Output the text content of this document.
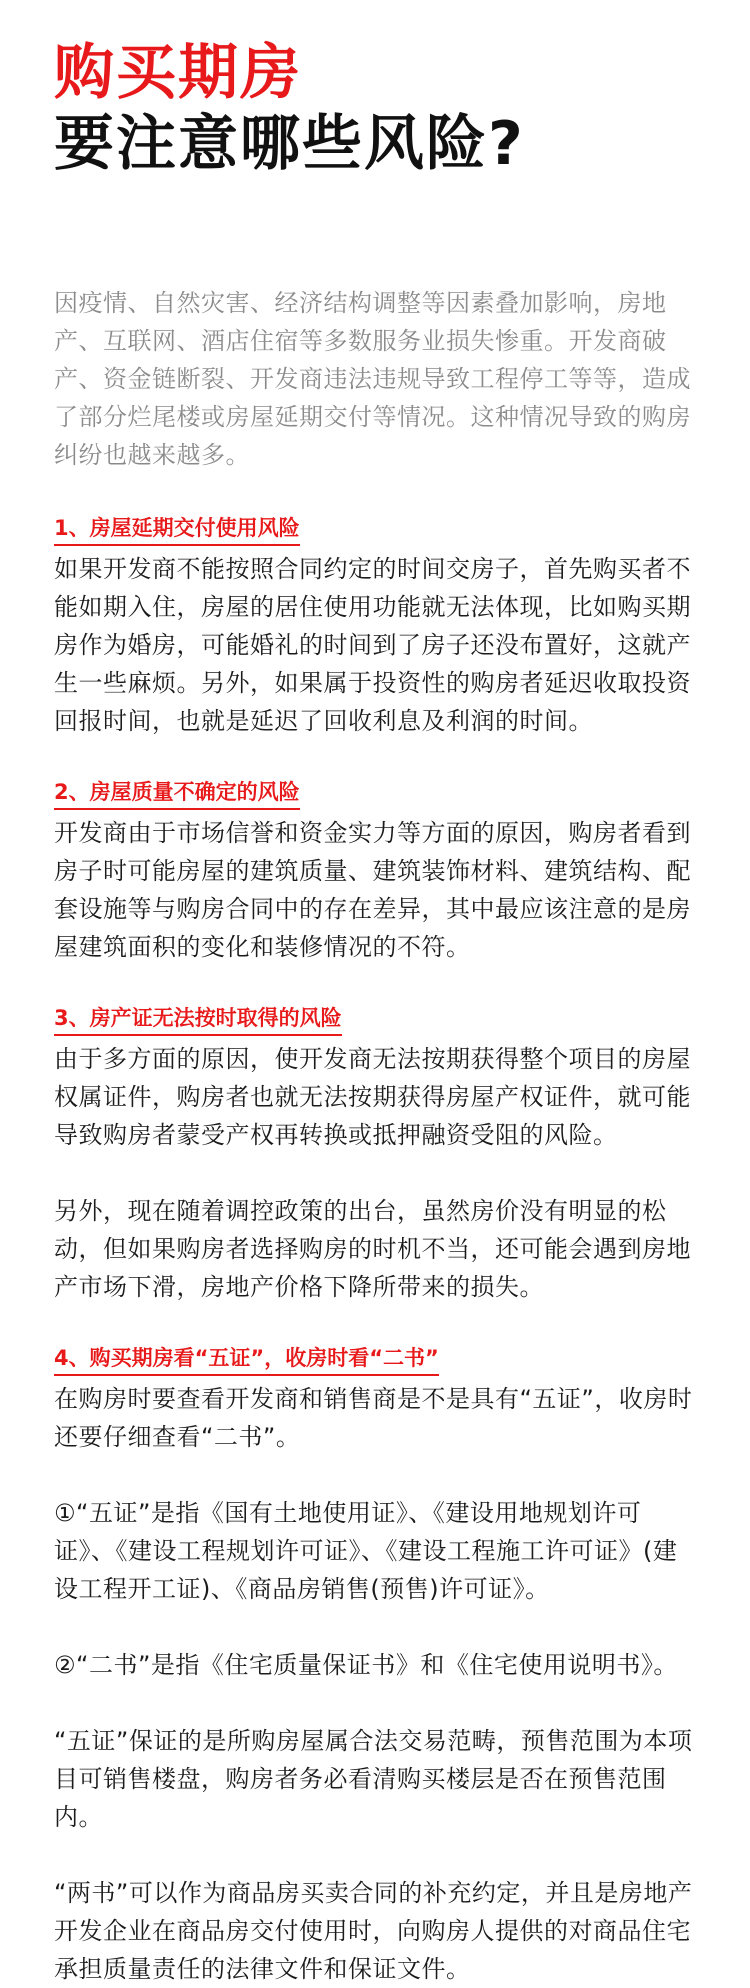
购买期房
要注意哪些风险?

因疫情、自然灾害、经济结构调整等因素叠加影响，房地产、互联网、酒店住宿等多数服务业损失惨重。开发商破产、资金链断裂、开发商违法违规导致工程停工等等，造成了部分烂尾楼或房屋延期交付等情况。这种情况导致的购房纠纷也越来越多。

1、房屋延期交付使用风险

如果开发商不能按照合同约定的时间交房子，首先购买者不能如期入住，房屋的居住使用功能就无法体现，比如购买期房作为婚房，可能婚礼的时间到了房子还没布置好，这就产生一些麻烦。另外，如果属于投资性的购房者延迟收取投资回报时间，也就是延迟了回收利息及利润的时间。

2、房屋质量不确定的风险

开发商由于市场信誉和资金实力等方面的原因，购房者看到房子时可能房屋的建筑质量、建筑装饰材料、建筑结构、配套设施等与购房合同中的存在差异，其中最应该注意的是房屋建筑面积的变化和装修情况的不符。

3、房产证无法按时取得的风险

由于多方面的原因，使开发商无法按期获得整个项目的房屋权属证件，购房者也就无法按期获得房屋产权证件，就可能导致购房者蒙受产权再转换或抵押融资受阻的风险。

另外，现在随着调控政策的出台，虽然房价没有明显的松动，但如果购房者选择购房的时机不当，还可能会遇到房地产市场下滑，房地产价格下降所带来的损失。

4、购买期房看“五证”，收房时看“二书”

在购房时要查看开发商和销售商是不是具有“五证”，收房时还要仔细查看“二书”。

①“五证”是指《国有土地使用证》、《建设用地规划许可证》、《建设工程规划许可证》、《建设工程施工许可证》(建设工程开工证)、《商品房销售(预售)许可证》。

②“二书”是指《住宅质量保证书》和《住宅使用说明书》。

“五证”保证的是所购房屋属合法交易范畴，预售范围为本项目可销售楼盘，购房者务必看清购买楼层是否在预售范围内。

“两书”可以作为商品房买卖合同的补充约定，并且是房地产开发企业在商品房交付使用时，向购房人提供的对商品住宅承担质量责任的法律文件和保证文件。
